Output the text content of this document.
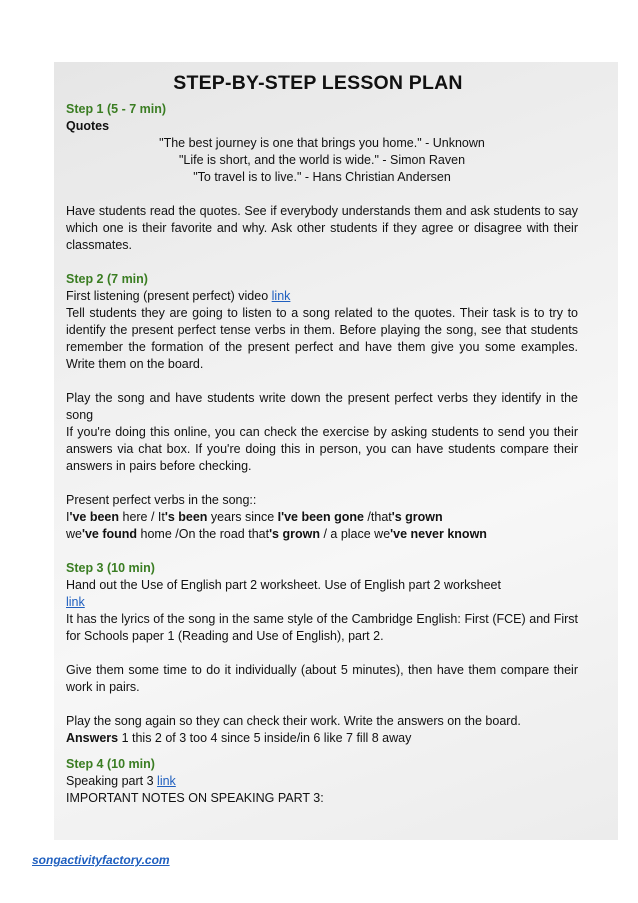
STEP-BY-STEP LESSON PLAN

Step 1 (5 - 7 min)

Quotes

"The best journey is one that brings you home." - Unknown

"Life is short, and the world is wide." - Simon Raven

"To travel is to live." - Hans Christian Andersen

Have students read the quotes. See if everybody understands them and ask students to say which one is their favorite and why. Ask other students if they agree or disagree with their classmates.

Step 2 (7 min)

First listening (present perfect) video link

Tell students they are going to listen to a song related to the quotes. Their task is to try to identify the present perfect tense verbs in them. Before playing the song, see that students remember the formation of the present perfect and have them give you some examples. Write them on the board.

Play the song and have students write down the present perfect verbs they identify in the song

If you're doing this online, you can check the exercise by asking students to send you their answers via chat box. If you're doing this in person, you can have students compare their answers in pairs before checking.

Present perfect verbs in the song::

I've been here / It's been years since I've been gone /that's grown

we've found home /On the road that's grown / a place we've never known

Step 3 (10 min)

Hand out the Use of English part 2 worksheet. Use of English part 2 worksheet

link

It has the lyrics of the song in the same style of the Cambridge English: First (FCE) and First for Schools paper 1 (Reading and Use of English), part 2.

Give them some time to do it individually (about 5 minutes), then have them compare their work in pairs.

Play the song again so they can check their work. Write the answers on the board.

Answers 1 this 2 of 3 too 4 since 5 inside/in 6 like 7 fill 8 away

Step 4 (10 min)

Speaking part 3 link

IMPORTANT NOTES ON SPEAKING PART 3:

songactivityfactory.com
